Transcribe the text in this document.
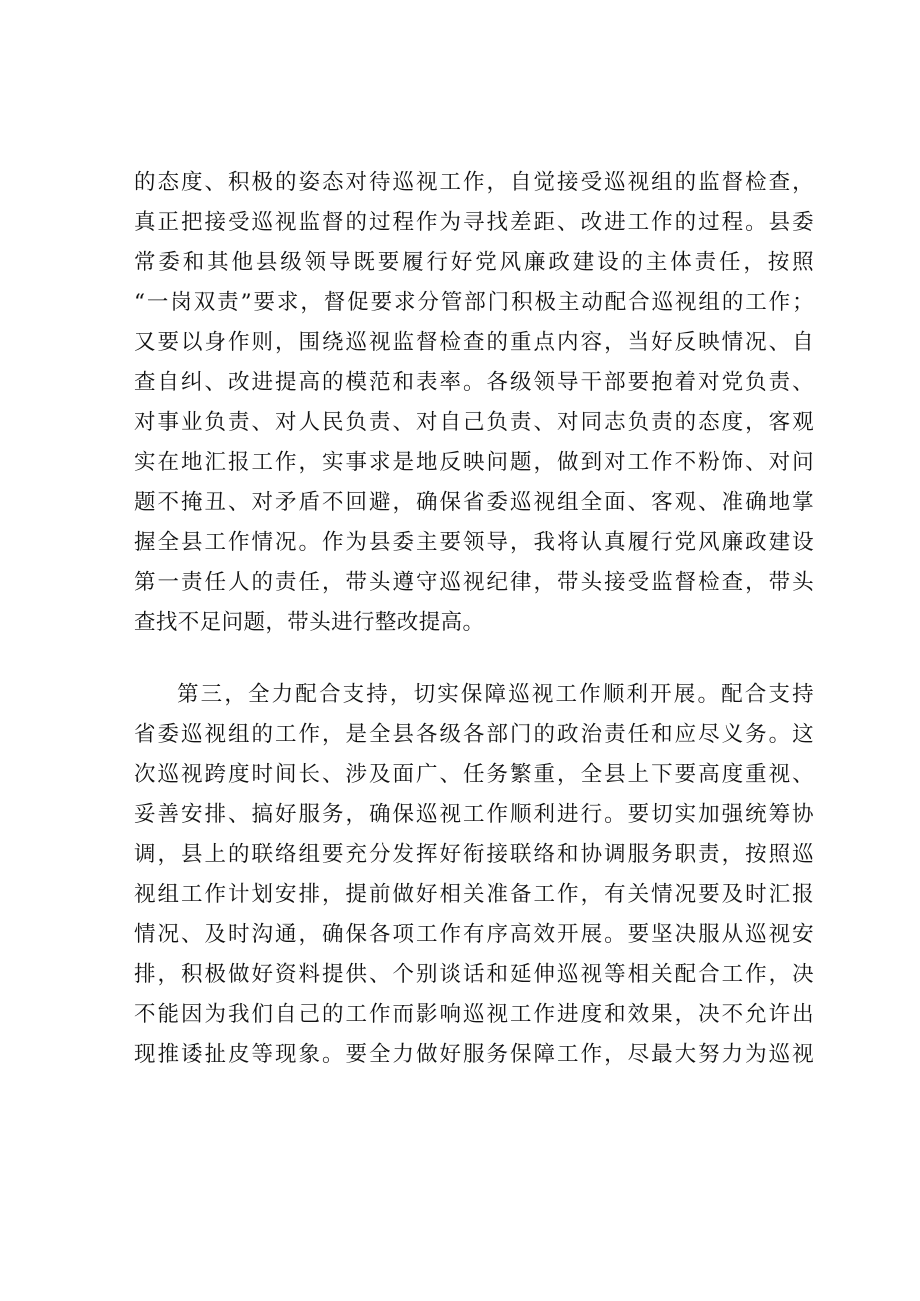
的态度、积极的姿态对待巡视工作，自觉接受巡视组的监督检查，
真正把接受巡视监督的过程作为寻找差距、改进工作的过程。县委
常委和其他县级领导既要履行好党风廉政建设的主体责任，按照
“一岗双责”要求，督促要求分管部门积极主动配合巡视组的工作；
又要以身作则，围绕巡视监督检查的重点内容，当好反映情况、自
查自纠、改进提高的模范和表率。各级领导干部要抱着对党负责、
对事业负责、对人民负责、对自己负责、对同志负责的态度，客观
实在地汇报工作，实事求是地反映问题，做到对工作不粉饰、对问
题不掩丑、对矛盾不回避，确保省委巡视组全面、客观、准确地掌
握全县工作情况。作为县委主要领导，我将认真履行党风廉政建设
第一责任人的责任，带头遵守巡视纪律，带头接受监督检查，带头
查找不足问题，带头进行整改提高。
第三，全力配合支持，切实保障巡视工作顺利开展。配合支持
省委巡视组的工作，是全县各级各部门的政治责任和应尽义务。这
次巡视跨度时间长、涉及面广、任务繁重，全县上下要高度重视、
妥善安排、搞好服务，确保巡视工作顺利进行。要切实加强统筹协
调，县上的联络组要充分发挥好衔接联络和协调服务职责，按照巡
视组工作计划安排，提前做好相关准备工作，有关情况要及时汇报
情况、及时沟通，确保各项工作有序高效开展。要坚决服从巡视安
排，积极做好资料提供、个别谈话和延伸巡视等相关配合工作，决
不能因为我们自己的工作而影响巡视工作进度和效果，决不允许出
现推诿扯皮等现象。要全力做好服务保障工作，尽最大努力为巡视
